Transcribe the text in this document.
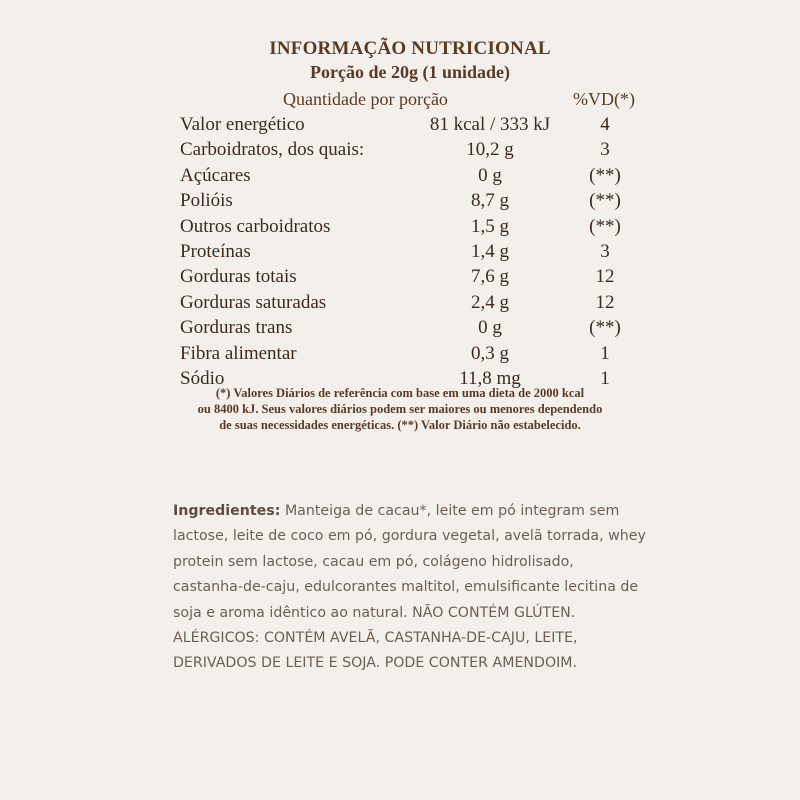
INFORMAÇÃO NUTRICIONAL
Porção de 20g (1 unidade)
Quantidade por porção	%VD(*)
Valor energético	81 kcal / 333 kJ	4
Carboidratos, dos quais:	10,2 g	3
Açúcares	0 g	(**)
Polióis	8,7 g	(**)
Outros carboidratos	1,5 g	(**)
Proteínas	1,4 g	3
Gorduras totais	7,6 g	12
Gorduras saturadas	2,4 g	12
Gorduras trans	0 g	(**)
Fibra alimentar	0,3 g	1
Sódio	11,8 mg	1
(*) Valores Diários de referência com base em uma dieta de 2000 kcal
ou 8400 kJ. Seus valores diários podem ser maiores ou menores dependendo
de suas necessidades energéticas. (**) Valor Diário não estabelecido.
Ingredientes: Manteiga de cacau*, leite em pó integram sem lactose, leite de coco em pó, gordura vegetal, avelã torrada, whey protein sem lactose, cacau em pó, colágeno hidrolisado, castanha-de-caju, edulcorantes maltitol, emulsificante lecitina de soja e aroma idêntico ao natural. NÃO CONTÉM GLÚTEN. ALÉRGICOS: CONTÉM AVELÃ, CASTANHA-DE-CAJU, LEITE, DERIVADOS DE LEITE E SOJA. PODE CONTER AMENDOIM.
